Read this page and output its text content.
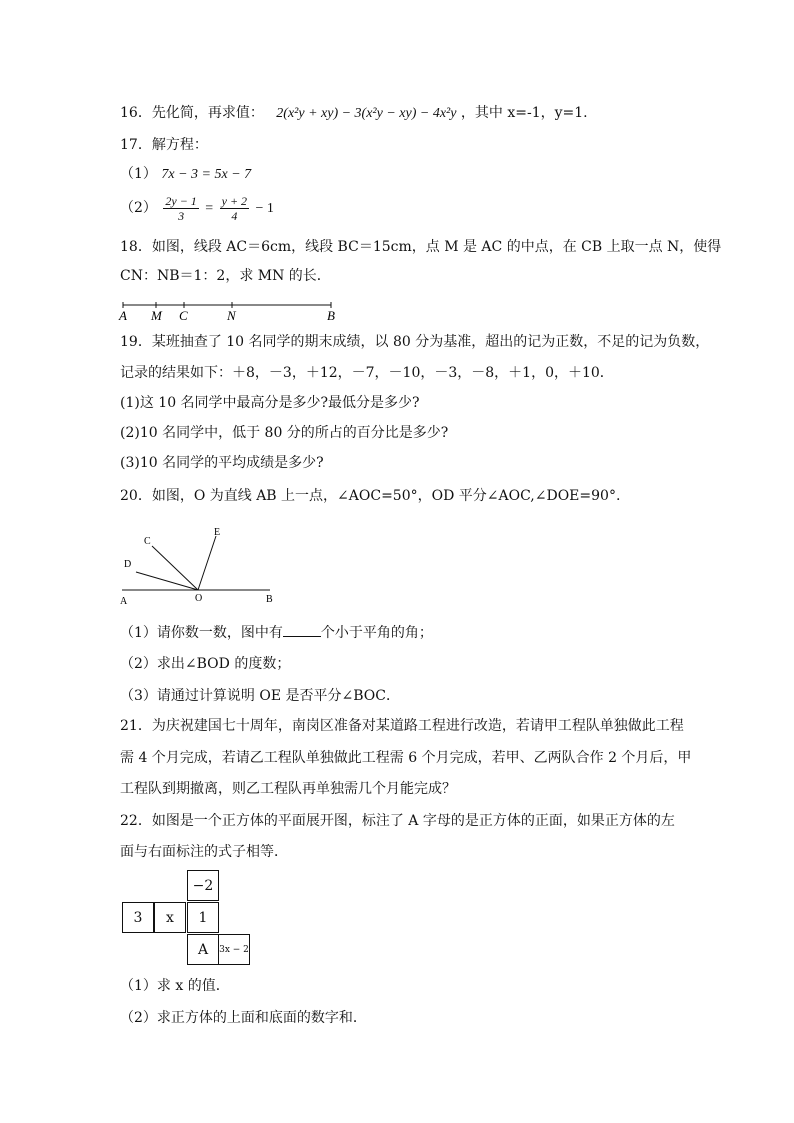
16．先化简，再求值： 2(x²y + xy) − 3(x²y − xy) − 4x²y ，其中 x=-1，y=1.
17．解方程：
（1） 7x − 3 = 5x − 7
$(2) \frac{2y - 1}{3} = \frac{y + 2}{4} - 1$
18．如图，线段 AC＝6cm，线段 BC＝15cm，点 M 是 AC 的中点，在 CB 上取一点 N，使得
CN：NB＝1：2，求 MN 的长．
A M C	N	B
19．某班抽查了 10 名同学的期末成绩，以 80 分为基准，超出的记为正数，不足的记为负数，
记录的结果如下：＋8，－3，＋12，－7，－10，－3，－8，＋1，0，＋10．
(1)这 10 名同学中最高分是多少?最低分是多少?
(2)10 名同学中，低于 80 分的所占的百分比是多少?
(3)10 名同学的平均成绩是多少?
20．如图，O 为直线 AB 上一点，∠AOC=50°，OD 平分∠AOC,∠DOE=90°.
C
E
D
A	O	B
（1）请你数一数，图中有	个小于平角的角；
（2）求出∠BOD 的度数；
（3）请通过计算说明 OE 是否平分∠BOC．
21．为庆祝建国七十周年，南岗区准备对某道路工程进行改造，若请甲工程队单独做此工程
需 4 个月完成，若请乙工程队单独做此工程需 6 个月完成，若甲、乙两队合作 2 个月后，甲
工程队到期撤离，则乙工程队再单独需几个月能完成？
22．如图是一个正方体的平面展开图，标注了 A 字母的是正方体的正面，如果正方体的左
面与右面标注的式子相等．
−2
3	x	1
A	3x − 2
（1）求 x 的值．
（2）求正方体的上面和底面的数字和．
